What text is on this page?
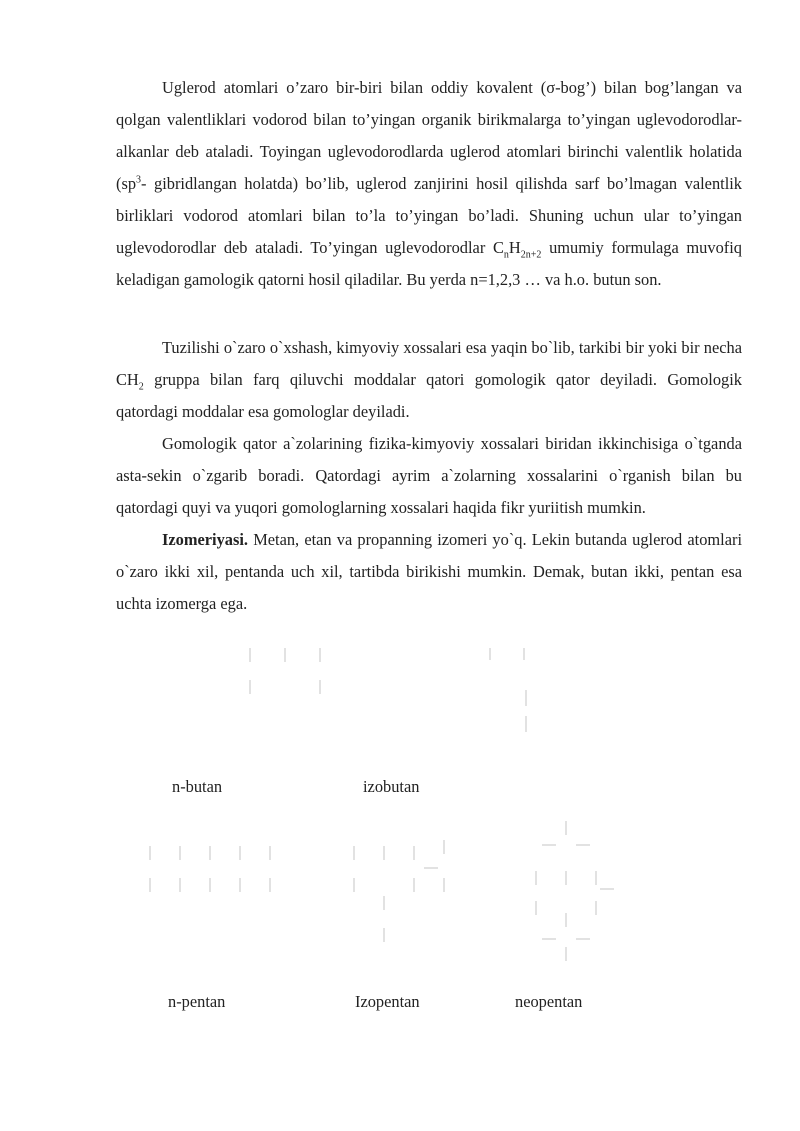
Uglerod atomlari o’zaro bir-biri bilan oddiy kovalent (σ-bog’) bilan bog’langan va qolgan valentliklari vodorod bilan to’yingan organik birikmalarga to’yingan uglevodorodlar- alkanlar deb ataladi. Toyingan uglevodorodlarda uglerod atomlari birinchi valentlik holatida ($sp^3-$ gibridlangan holatda) bo’lib, uglerod zanjirini hosil qilishda sarf bo’lmagan valentlik birliklari vodorod atomlari bilan to’la to’yingan bo’ladi. Shuning uchun ular to’yingan uglevodorodlar deb ataladi. To’yingan uglevodorodlar $C_nH_{2n+2}$ umumiy formulaga muvofiq keladigan gamologik qatorni hosil qiladilar. Bu yerda n=1,2,3 … va h.o. butun son.

Tuzilishi o`zaro o`xshash, kimyoviy xossalari esa yaqin bo`lib, tarkibi bir yoki bir necha $CH_2$ gruppa bilan farq qiluvchi moddalar qatori gomologik qator deyiladi. Gomologik qatordagi moddalar esa gomologlar deyiladi.

Gomologik qator a`zolarining fizika-kimyoviy xossalari biridan ikkinchisiga o`tganda asta-sekin o`zgarib boradi. Qatordagi ayrim a`zolarning xossalarini o`rganish bilan bu qatordagi quyi va yuqori gomologlarning xossalari haqida fikr yuriitish mumkin.

Izomeriyasi. Metan, etan va propanning izomeri yo`q. Lekin butanda uglerod atomlari o`zaro ikki xil, pentanda uch xil, tartibda birikishi mumkin. Demak, butan ikki, pentan esa uchta izomerga ega.

n-butan	izobutan
n-pentan	Izopentan	neopentan
